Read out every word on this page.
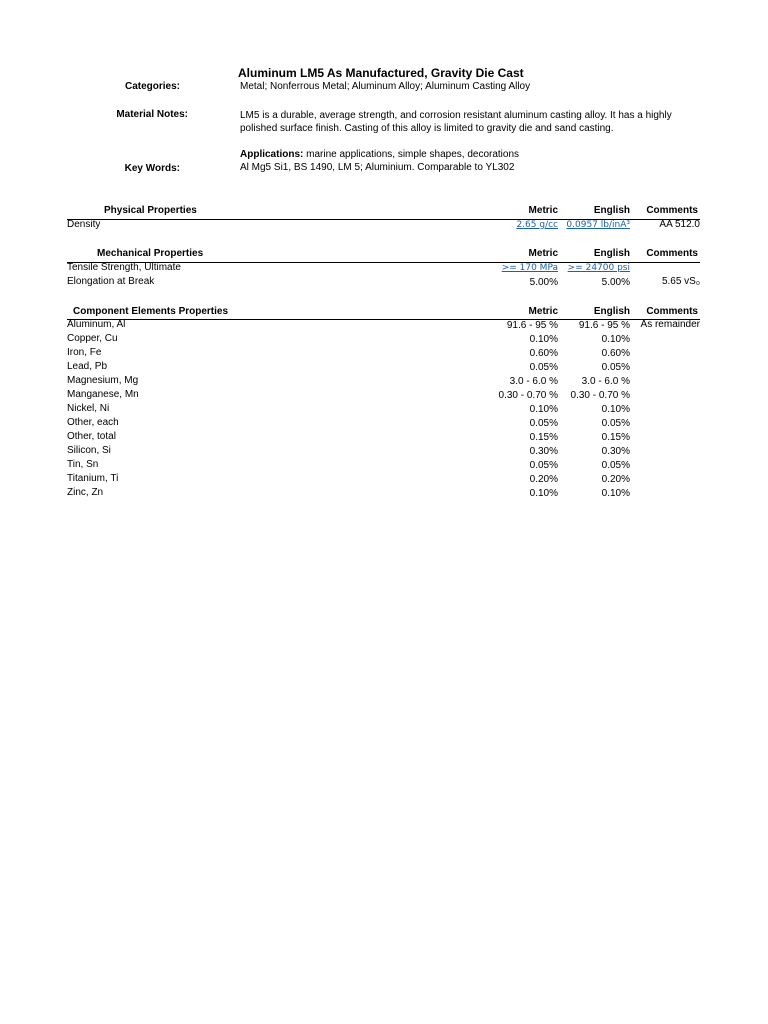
Aluminum LM5 As Manufactured, Gravity Die Cast
Categories:	Metal; Nonferrous Metal; Aluminum Alloy; Aluminum Casting Alloy
Material Notes:	LM5 is a durable, average strength, and corrosion resistant aluminum casting alloy. It has a highly polished surface finish. Casting of this alloy is limited to gravity die and sand casting.
Applications: marine applications, simple shapes, decorations
Key Words:	Al Mg5 Si1, BS 1490, LM 5; Aluminium. Comparable to YL302
Physical Properties	Metric	English	Comments
Density	2.65 g/cc 0.0957 lb/inÂ³	AA 512.0
Mechanical Properties	Metric	English	Comments
Tensile Strength, Ultimate	>= 170 MPa >= 24700 psi
Elongation at Break	5.00%	5.00%	5.65 vS₀
Component Elements Properties	Metric	English	Comments
Aluminum, Al	91.6 - 95 % 91.6 - 95 % As remainder
Copper, Cu	0.10%	0.10%
Iron, Fe	0.60%	0.60%
Lead, Pb	0.05%	0.05%
Magnesium, Mg	3.0 - 6.0 % 3.0 - 6.0 %
Manganese, Mn	0.30 - 0.70 % 0.30 - 0.70 %
Nickel, Ni	0.10%	0.10%
Other, each	0.05%	0.05%
Other, total	0.15%	0.15%
Silicon, Si	0.30%	0.30%
Tin, Sn	0.05%	0.05%
Titanium, Ti	0.20%	0.20%
Zinc, Zn	0.10%	0.10%
